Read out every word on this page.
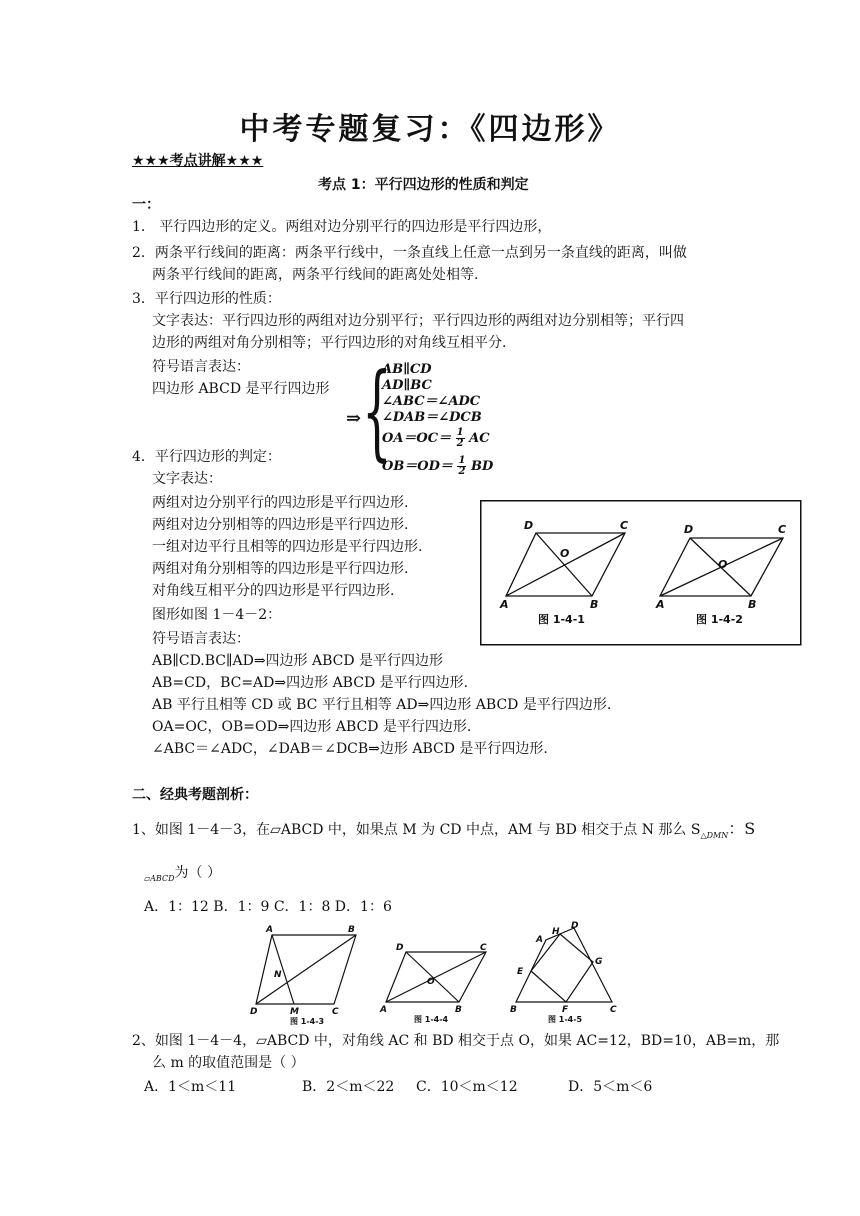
中考专题复习：《四边形》
★★★考点讲解★★★
考点 1：平行四边形的性质和判定
一：
1． 平行四边形的定义。两组对边分别平行的四边形是平行四边形，
2．两条平行线间的距离：两条平行线中，一条直线上任意一点到另一条直线的距离，叫做
两条平行线间的距离，两条平行线间的距离处处相等.
3．平行四边形的性质：
文字表达：平行四边形的两组对边分别平行；平行四边形的两组对边分别相等；平行四
边形的两组对角分别相等；平行四边形的对角线互相平分.
符号语言表达：
四边形 ABCD 是平行四边形
⇒ {
AB∥CD
AD∥BC
∠ABC＝∠ADC
∠DAB＝∠DCB
$OA=OC= \frac{1}{2}$ AC
$OB=OD= \frac{1}{2}$ BD
4．平行四边形的判定：
文字表达：
两组对边分别平行的四边形是平行四边形.
两组对边分别相等的四边形是平行四边形.
一组对边平行且相等的四边形是平行四边形.
两组对角分别相等的四边形是平行四边形.
对角线互相平分的四边形是平行四边形.
图形如图 1－4－2：
符号语言表达：
AB∥CD.BC∥AD⇒四边形 ABCD 是平行四边形
AB=CD，BC=AD⇒四边形 ABCD 是平行四边形.
AB 平行且相等 CD 或 BC 平行且相等 AD⇒四边形 ABCD 是平行四边形.
OA=OC，OB=OD⇒四边形 ABCD 是平行四边形.
∠ABC＝∠ADC，∠DAB＝∠DCB⇒边形 ABCD 是平行四边形.
D	C
O
A	B
图 1-4-1
D	C
O
A	B
图 1-4-2
二、经典考题剖析：
1、如图 1－4－3，在▱ABCD 中，如果点 M 为 CD 中点，AM 与 BD 相交于点 N 那么 $S_{\triangle DMN}$：S
$_{▱ABCD}$为（ ）
A．1：12 B．1：9 C．1：8 D．1：6
A	B
N
D	M	C
图 1-4-3
D	C
O
A	B
图 1-4-4
A
H
D
E
G
B	F	C
图 1-4-5
2、如图 1－4－4，▱ABCD 中，对角线 AC 和 BD 相交于点 O，如果 AC=12，BD=10，AB=m，那
么 m 的取值范围是（ ）
A．1＜m＜11	B．2＜m＜22 C．10＜m＜12	D．5＜m＜6
